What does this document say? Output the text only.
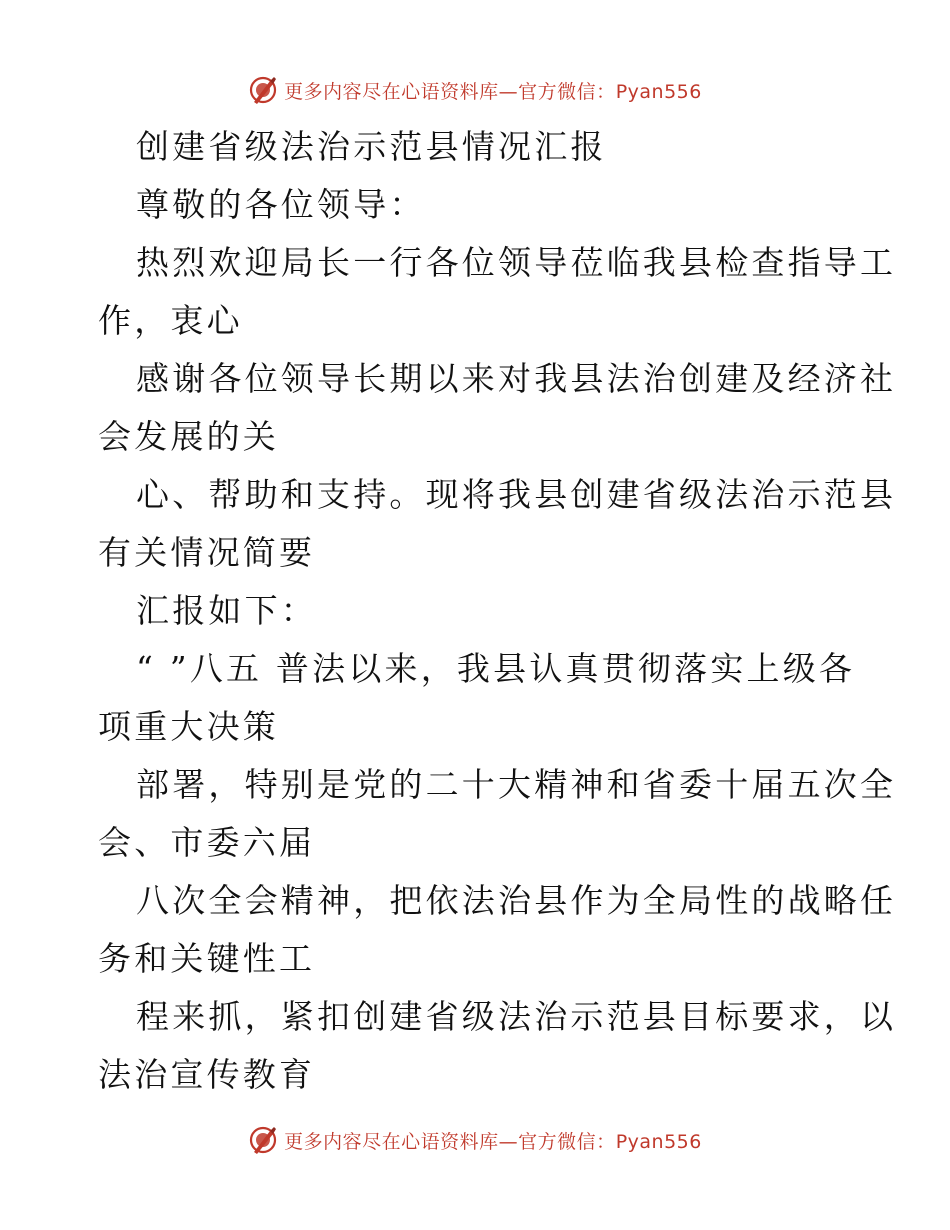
更多内容尽在心语资料库—官方微信：Pyan556
创建省级法治示范县情况汇报
尊敬的各位领导：
热烈欢迎局长一行各位领导莅临我县检查指导工
作，衷心
感谢各位领导长期以来对我县法治创建及经济社
会发展的关
心、帮助和支持。现将我县创建省级法治示范县
有关情况简要
汇报如下：
“ ”八五 普法以来，我县认真贯彻落实上级各
项重大决策
部署，特别是党的二十大精神和省委十届五次全
会、市委六届
八次全会精神，把依法治县作为全局性的战略任
务和关键性工
程来抓，紧扣创建省级法治示范县目标要求，以
法治宣传教育
更多内容尽在心语资料库—官方微信：Pyan556
